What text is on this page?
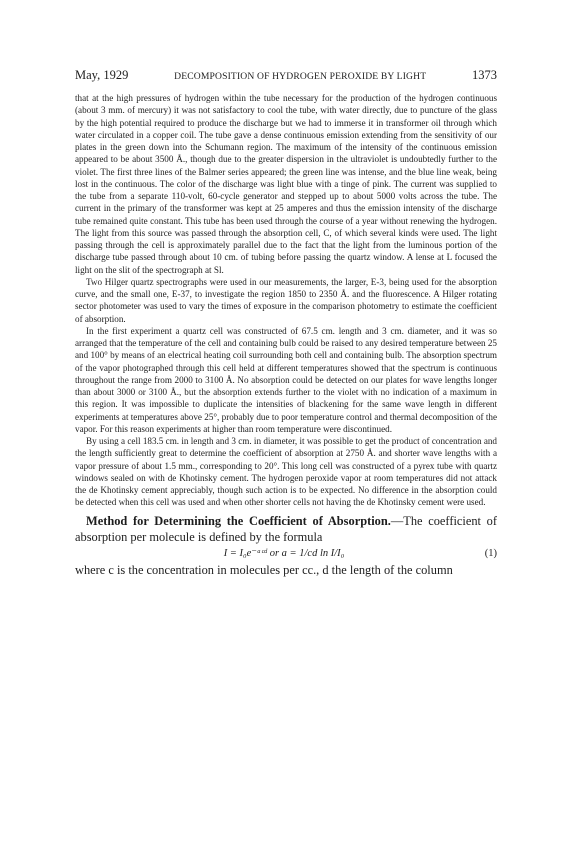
May, 1929	DECOMPOSITION OF HYDROGEN PEROXIDE BY LIGHT	1373

that at the high pressures of hydrogen within the tube necessary for the production of the hydrogen continuous (about 3 mm. of mercury) it was not satisfactory to cool the tube, with water directly, due to puncture of the glass by the high potential required to produce the discharge but we had to immerse it in transformer oil through which water circulated in a copper coil. The tube gave a dense continuous emission extending from the sensitivity of our plates in the green down into the Schumann region. The maximum of the intensity of the continuous emission appeared to be about 3500 Å., though due to the greater dispersion in the ultraviolet is undoubtedly further to the violet. The first three lines of the Balmer series appeared; the green line was intense, and the blue line weak, being lost in the continuous. The color of the discharge was light blue with a tinge of pink. The current was supplied to the tube from a separate 110-volt, 60-cycle generator and stepped up to about 5000 volts across the tube. The current in the primary of the transformer was kept at 25 amperes and thus the emission intensity of the discharge tube remained quite constant. This tube has been used through the course of a year without renewing the hydrogen. The light from this source was passed through the absorption cell, C, of which several kinds were used. The light passing through the cell is approximately parallel due to the fact that the light from the luminous portion of the discharge tube passed through about 10 cm. of tubing before passing the quartz window. A lense at L focused the light on the slit of the spectrograph at Sl.

Two Hilger quartz spectrographs were used in our measurements, the larger, E-3, being used for the absorption curve, and the small one, E-37, to investigate the region 1850 to 2350 Å. and the fluorescence. A Hilger rotating sector photometer was used to vary the times of exposure in the comparison photometry to estimate the coefficient of absorption.

In the first experiment a quartz cell was constructed of 67.5 cm. length and 3 cm. diameter, and it was so arranged that the temperature of the cell and containing bulb could be raised to any desired temperature between 25 and 100° by means of an electrical heating coil surrounding both cell and containing bulb. The absorption spectrum of the vapor photographed through this cell held at different temperatures showed that the spectrum is continuous throughout the range from 2000 to 3100 Å. No absorption could be detected on our plates for wave lengths longer than about 3000 or 3100 Å., but the absorption extends further to the violet with no indication of a maximum in this region. It was impossible to duplicate the intensities of blackening for the same wave length in different experiments at temperatures above 25°, probably due to poor temperature control and thermal decomposition of the vapor. For this reason experiments at higher than room temperature were discontinued.

By using a cell 183.5 cm. in length and 3 cm. in diameter, it was possible to get the product of concentration and the length sufficiently great to determine the coefficient of absorption at 2750 Å. and shorter wave lengths with a vapor pressure of about 1.5 mm., corresponding to 20°. This long cell was constructed of a pyrex tube with quartz windows sealed on with de Khotinsky cement. The hydrogen peroxide vapor at room temperatures did not attack the de Khotinsky cement appreciably, though such action is to be expected. No difference in the absorption could be detected when this cell was used and when other shorter cells not having the de Khotinsky cement were used.

Method for Determining the Coefficient of Absorption.—The coefficient of absorption per molecule is defined by the formula

I = I₀e⁻ᵃᶜᵈ or a = 1/cd ln I/I₀	(1)

where c is the concentration in molecules per cc., d the length of the column
